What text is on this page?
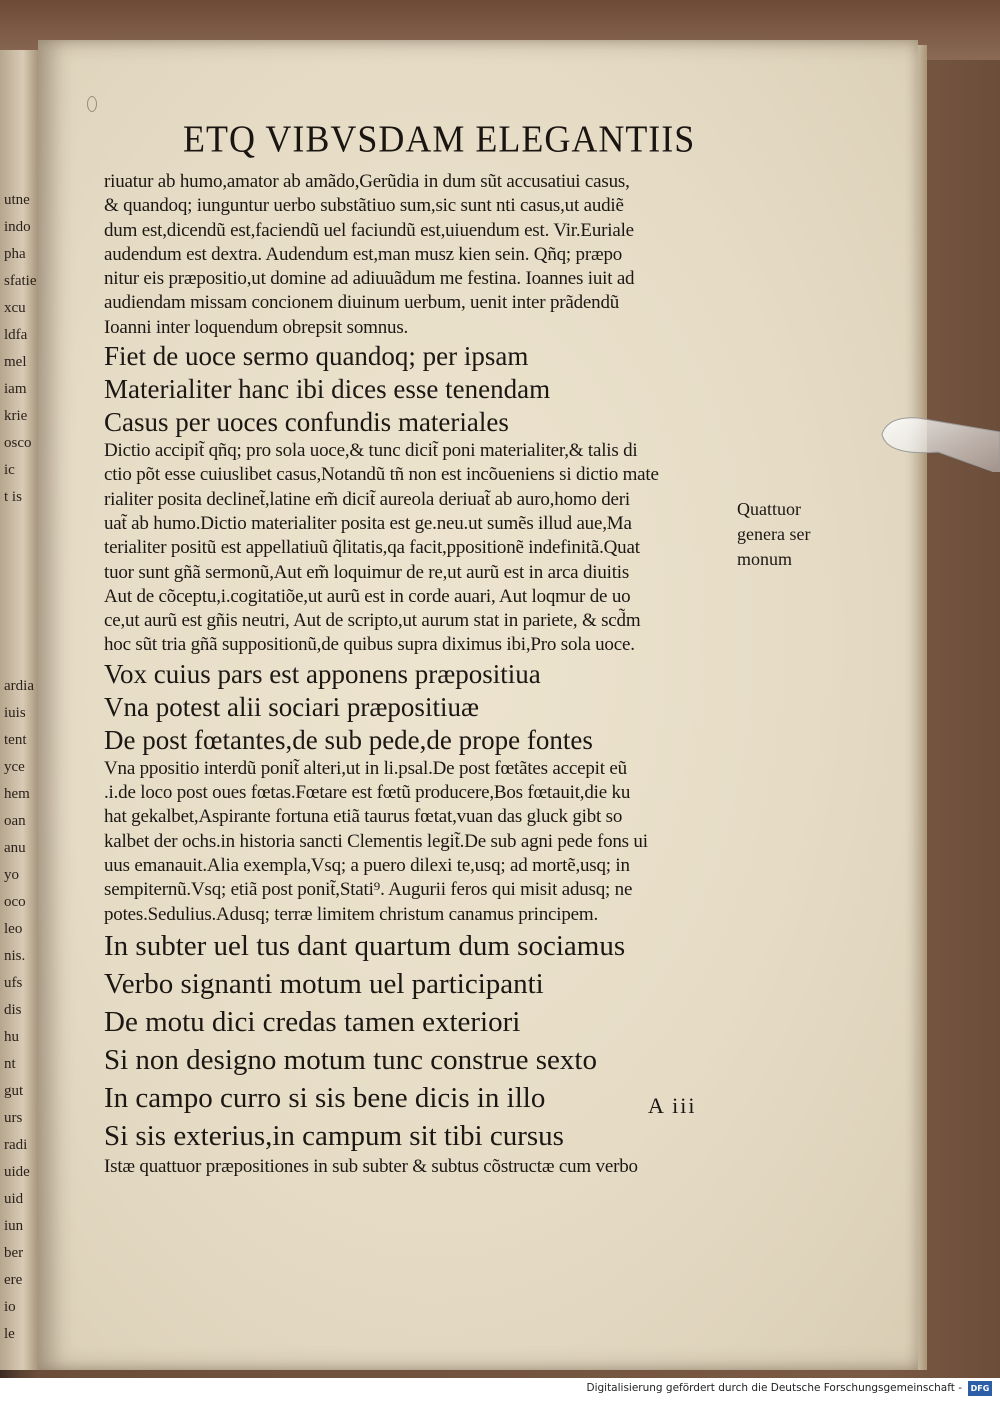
utne
indo
pha
sfatie
xcu
ldfa
mel
iam
krie
osco
ic
t is
ardia
iuis
tent
yce
hem
oan
anu
yo
oco
leo
nis.
ufs
dis
hu
nt
gut
urs
radi
uide
uid
iun
ber
ere
io
le

ETQ VIBVSDAM ELEGANTIIS
riuatur ab humo,amator ab amãdo,Gerũdia in dum sũt accusatiui casus,
& quandoq; iunguntur uerbo substãtiuo sum,sic sunt nti casus,ut audiẽ
dum est,dicendũ est,faciendũ uel faciundũ est,uiuendum est. Vir.Euriale
audendum est dextra. Audendum est,man musz kien sein. Qñq; præpo
nitur eis præpositio,ut domine ad adiuuãdum me festina. Ioannes iuit ad
audiendam missam concionem diuinum uerbum, uenit inter prãdendũ
Ioanni inter loquendum obrepsit somnus.
Fiet de uoce sermo quandoq; per ipsam
Materialiter hanc ibi dices esse tenendam
Casus per uoces confundis materiales
Dictio accipit̃ qñq; pro sola uoce,& tunc dicit̃ poni materialiter,& talis di
ctio põt esse cuiuslibet casus,Notandũ tñ non est incõueniens si dictio mate
rialiter posita declinet̃,latine em̃ dicit̃ aureola deriuat̃ ab auro,homo deri
uat̃ ab humo.Dictio materialiter posita est ge.neu.ut sumẽs illud aue,Ma
terialiter positũ est appellatiuũ q̃litatis,qa facit,ppositionẽ indefinitã.Quat
tuor sunt gñã sermonũ,Aut em̃ loquimur de re,ut aurũ est in arca diuitis
Aut de cõceptu,i.cogitatiõe,ut aurũ est in corde auari, Aut loqmur de uo
ce,ut aurũ est gñis neutri, Aut de scripto,ut aurum stat in pariete, & scd̃m
hoc sũt tria gñã suppositionũ,de quibus supra diximus ibi,Pro sola uoce.
Vox cuius pars est apponens præpositiua
Vna potest alii sociari præpositiuæ
De post fœtantes,de sub pede,de prope fontes
Vna ppositio interdũ ponit̃ alteri,ut in li.psal.De post fœtãtes accepit eũ
.i.de loco post oues fœtas.Fœtare est fœtũ producere,Bos fœtauit,die ku
hat gekalbet,Aspirante fortuna etiã taurus fœtat,vuan das gluck gibt so
kalbet der ochs.in historia sancti Clementis legit̃.De sub agni pede fons ui
uus emanauit.Alia exempla,Vsq; a puero dilexi te,usq; ad mortẽ,usq; in
sempiternũ.Vsq; etiã post ponit̃,Stati⁹. Augurii feros qui misit adusq; ne
potes.Sedulius.Adusq; terræ limitem christum canamus principem.
In subter uel tus dant quartum dum sociamus
Verbo signanti motum uel participanti
De motu dici credas tamen exteriori
Si non designo motum tunc construe sexto
In campo curro si sis bene dicis in illo
Si sis exterius,in campum sit tibi cursus
Istæ quattuor præpositiones in sub subter & subtus cõstructæ cum verbo
Quattuor
genera ser
monum
A iii
Digitalisierung gefördert durch die Deutsche Forschungsgemeinschaft -	DFG
